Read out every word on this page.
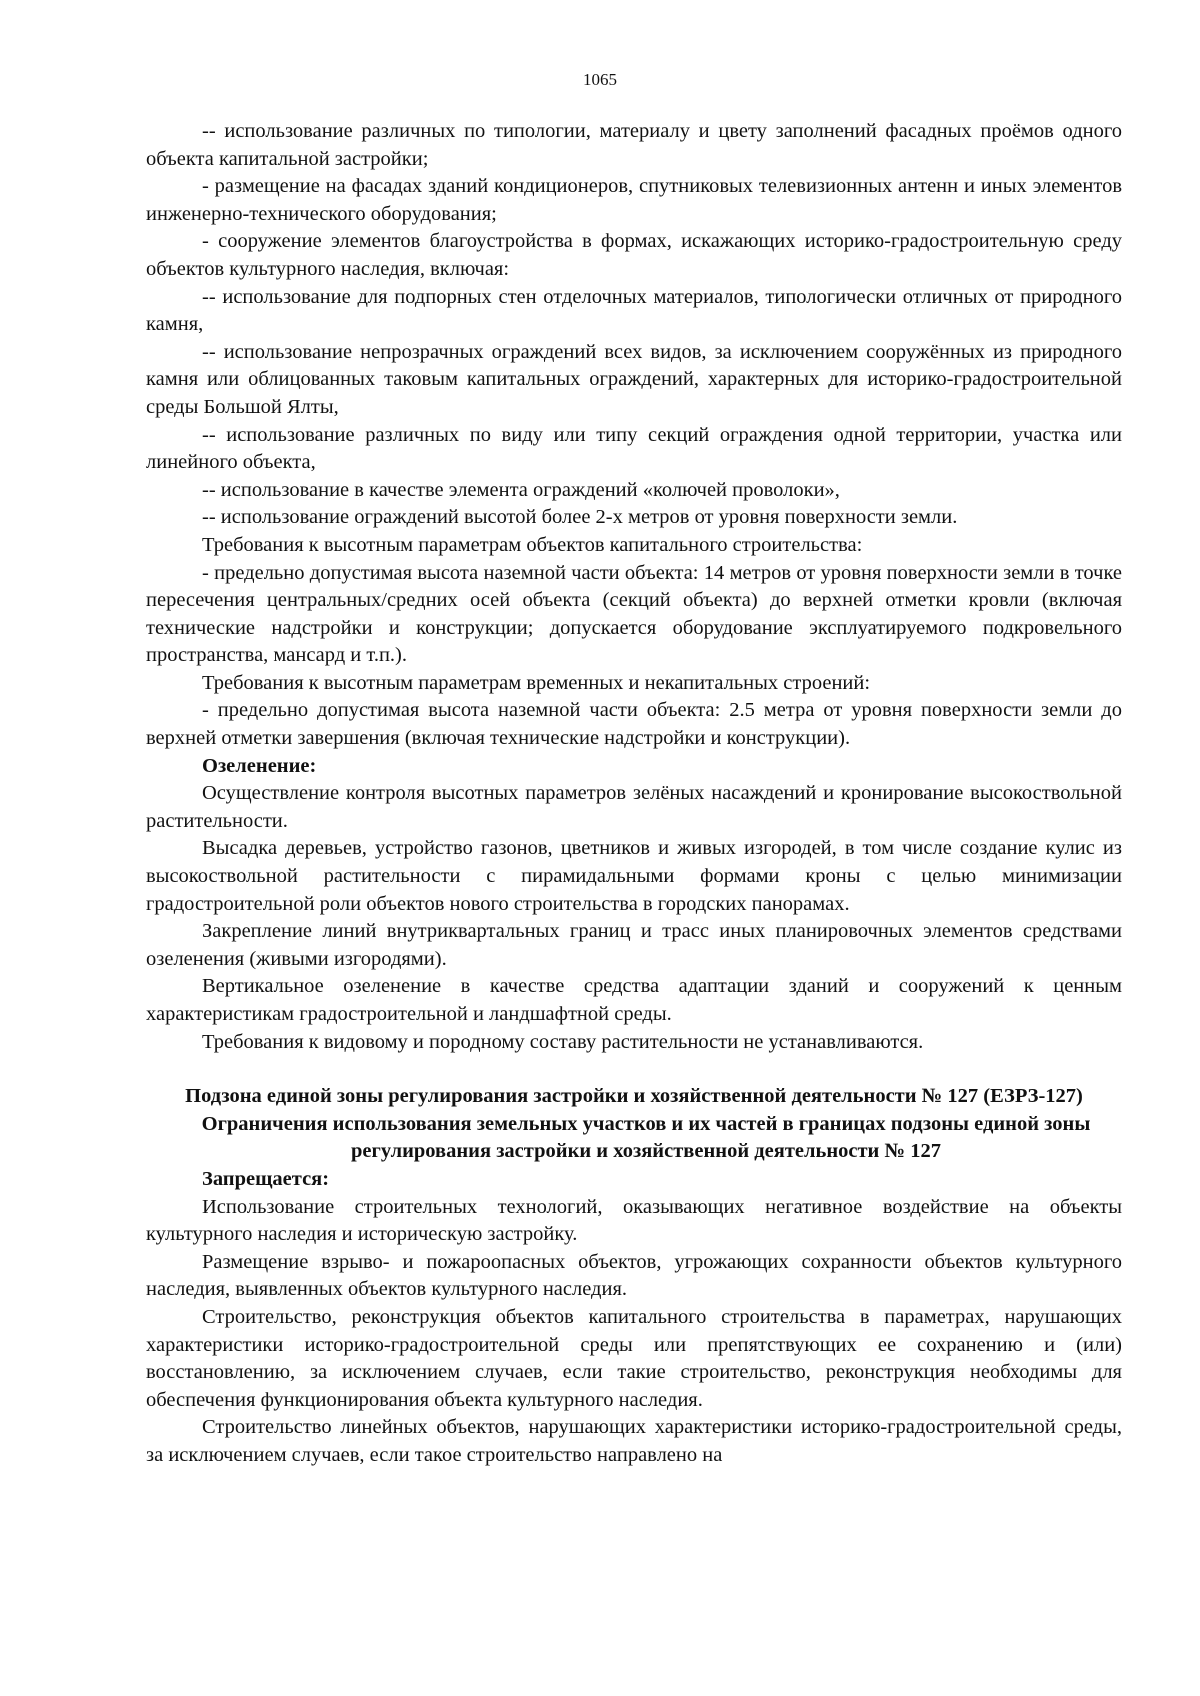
1065

-- использование различных по типологии, материалу и цвету заполнений фасадных проёмов одного объекта капитальной застройки;

- размещение на фасадах зданий кондиционеров, спутниковых телевизионных антенн и иных элементов инженерно-технического оборудования;

- сооружение элементов благоустройства в формах, искажающих историко-градостроительную среду объектов культурного наследия, включая:

-- использование для подпорных стен отделочных материалов, типологически отличных от природного камня,

-- использование непрозрачных ограждений всех видов, за исключением сооружённых из природного камня или облицованных таковым капитальных ограждений, характерных для историко-градостроительной среды Большой Ялты,

-- использование различных по виду или типу секций ограждения одной территории, участка или линейного объекта,

-- использование в качестве элемента ограждений «колючей проволоки»,

-- использование ограждений высотой более 2-х метров от уровня поверхности земли.

Требования к высотным параметрам объектов капитального строительства:

- предельно допустимая высота наземной части объекта: 14 метров от уровня поверхности земли в точке пересечения центральных/средних осей объекта (секций объекта) до верхней отметки кровли (включая технические надстройки и конструкции; допускается оборудование эксплуатируемого подкровельного пространства, мансард и т.п.).

Требования к высотным параметрам временных и некапитальных строений:

- предельно допустимая высота наземной части объекта: 2.5 метра от уровня поверхности земли до верхней отметки завершения (включая технические надстройки и конструкции).

Озеленение:

Осуществление контроля высотных параметров зелёных насаждений и кронирование высокоствольной растительности.

Высадка деревьев, устройство газонов, цветников и живых изгородей, в том числе создание кулис из высокоствольной растительности с пирамидальными формами кроны с целью минимизации градостроительной роли объектов нового строительства в городских панорамах.

Закрепление линий внутриквартальных границ и трасс иных планировочных элементов средствами озеленения (живыми изгородями).

Вертикальное озеленение в качестве средства адаптации зданий и сооружений к ценным характеристикам градостроительной и ландшафтной среды.

Требования к видовому и породному составу растительности не устанавливаются.

Подзона единой зоны регулирования застройки и хозяйственной деятельности № 127 (ЕЗРЗ-127)

Ограничения использования земельных участков и их частей в границах подзоны единой зоны регулирования застройки и хозяйственной деятельности № 127

Запрещается:

Использование строительных технологий, оказывающих негативное воздействие на объекты культурного наследия и историческую застройку.

Размещение взрыво- и пожароопасных объектов, угрожающих сохранности объектов культурного наследия, выявленных объектов культурного наследия.

Строительство, реконструкция объектов капитального строительства в параметрах, нарушающих характеристики историко-градостроительной среды или препятствующих ее сохранению и (или) восстановлению, за исключением случаев, если такие строительство, реконструкция необходимы для обеспечения функционирования объекта культурного наследия.

Строительство линейных объектов, нарушающих характеристики историко-градостроительной среды, за исключением случаев, если такое строительство направлено на
